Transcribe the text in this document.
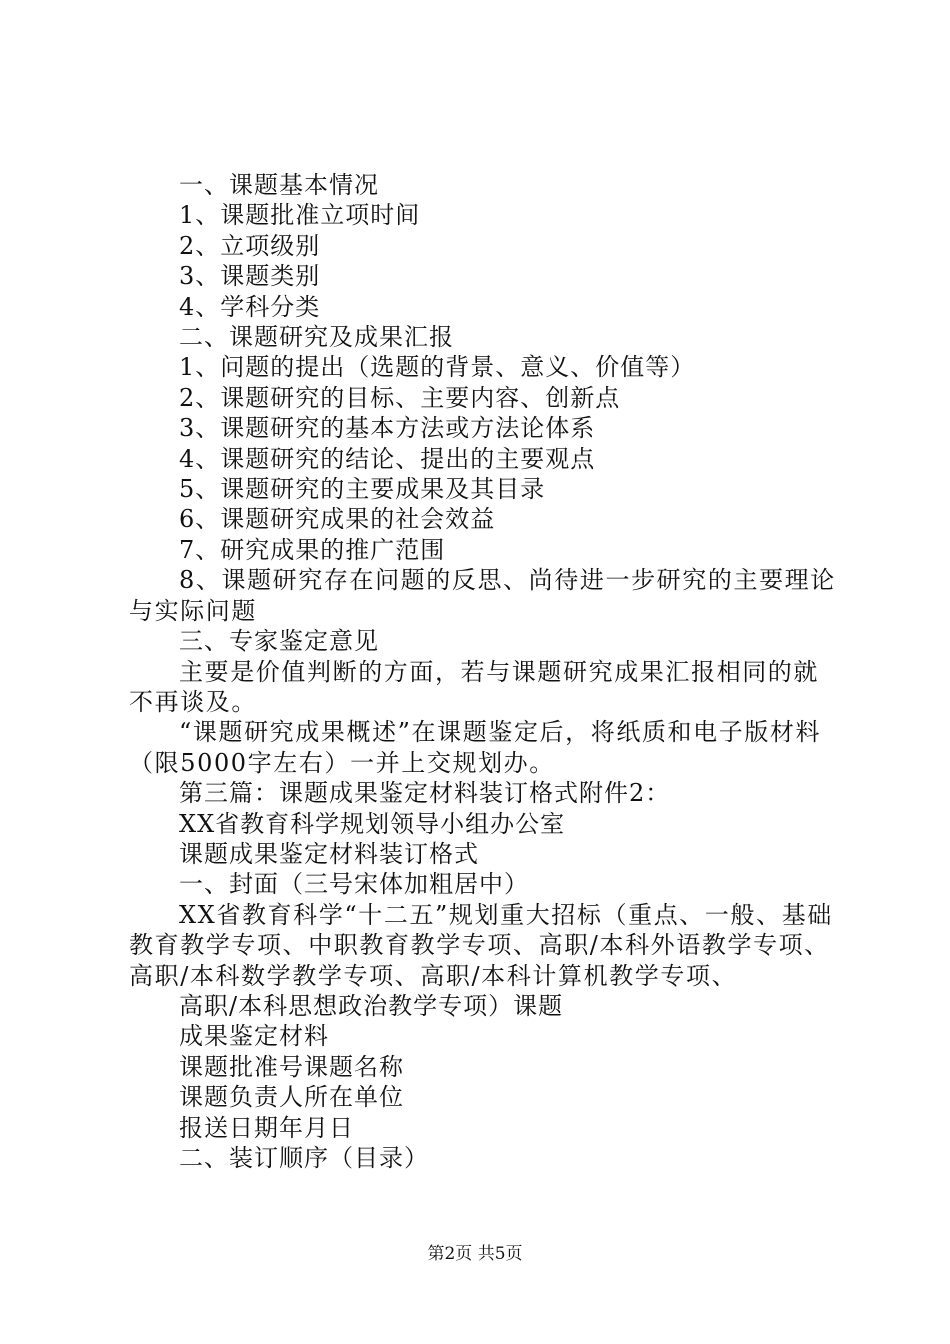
一、课题基本情况

1、课题批准立项时间

2、立项级别

3、课题类别

4、学科分类

二、课题研究及成果汇报

1、问题的提出（选题的背景、意义、价值等）

2、课题研究的目标、主要内容、创新点

3、课题研究的基本方法或方法论体系

4、课题研究的结论、提出的主要观点

5、课题研究的主要成果及其目录

6、课题研究成果的社会效益

7、研究成果的推广范围

8、课题研究存在问题的反思、尚待进一步研究的主要理论与实际问题

三、专家鉴定意见

主要是价值判断的方面，若与课题研究成果汇报相同的就不再谈及。

“课题研究成果概述”在课题鉴定后，将纸质和电子版材料（限5000字左右）一并上交规划办。

第三篇：课题成果鉴定材料装订格式附件2：

XX省教育科学规划领导小组办公室

课题成果鉴定材料装订格式

一、封面（三号宋体加粗居中）

XX省教育科学“十二五”规划重大招标（重点、一般、基础教育教学专项、中职教育教学专项、高职/本科外语教学专项、高职/本科数学教学专项、高职/本科计算机教学专项、

高职/本科思想政治教学专项）课题

成果鉴定材料

课题批准号课题名称

课题负责人所在单位

报送日期年月日

二、装订顺序（目录）

第2页 共5页
